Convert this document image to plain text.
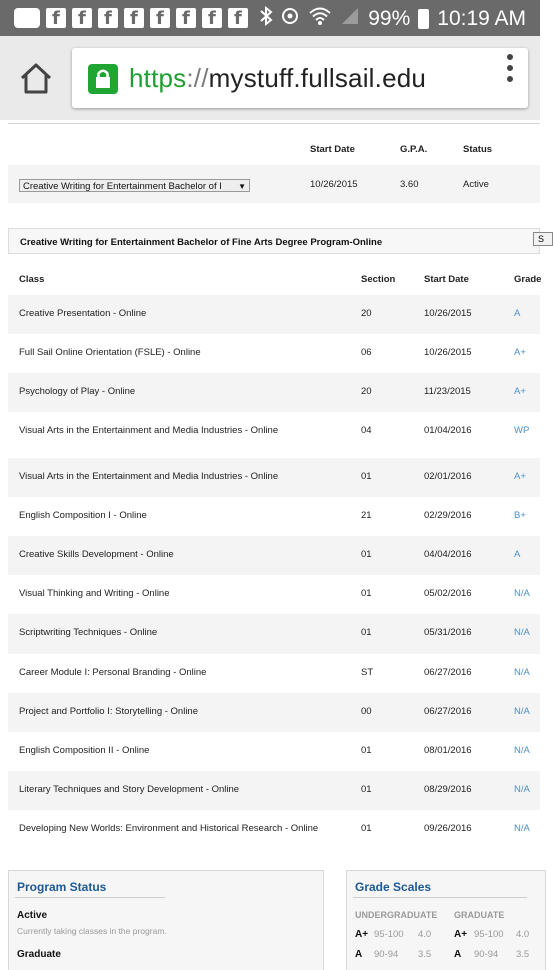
f
f
f
f
f
f
f
f
99% 10:19 AM
https://mystuff.fullsail.edu
Start Date	G.P.A.	Status
Creative Writing for Entertainment Bachelor of I ▼	10/26/2015	3.60	Active
Creative Writing for Entertainment Bachelor of Fine Arts Degree Program-Online	S
Class	Section	Start Date	Grade
Creative Presentation - Online	20	10/26/2015	A
Full Sail Online Orientation (FSLE) - Online	06	10/26/2015	A+
Psychology of Play - Online	20	11/23/2015	A+
Visual Arts in the Entertainment and Media Industries - Online	04	01/04/2016	WP
Visual Arts in the Entertainment and Media Industries - Online	01	02/01/2016	A+
English Composition I - Online	21	02/29/2016	B+
Creative Skills Development - Online	01	04/04/2016	A
Visual Thinking and Writing - Online	01	05/02/2016	N/A
Scriptwriting Techniques - Online	01	05/31/2016	N/A
Career Module I: Personal Branding - Online	ST	06/27/2016	N/A
Project and Portfolio I: Storytelling - Online	00	06/27/2016	N/A
English Composition II - Online	01	08/01/2016	N/A
Literary Techniques and Story Development - Online	01	08/29/2016	N/A
Developing New Worlds: Environment and Historical Research - Online	01	09/26/2016	N/A
Program Status
Active
Currently taking classes in the program.
Graduate
Grade Scales
UNDERGRADUATE GRADUATE
A+ 95-100 4.0 A+ 95-100 4.0
A 90-94 3.5 A 90-94 3.5
